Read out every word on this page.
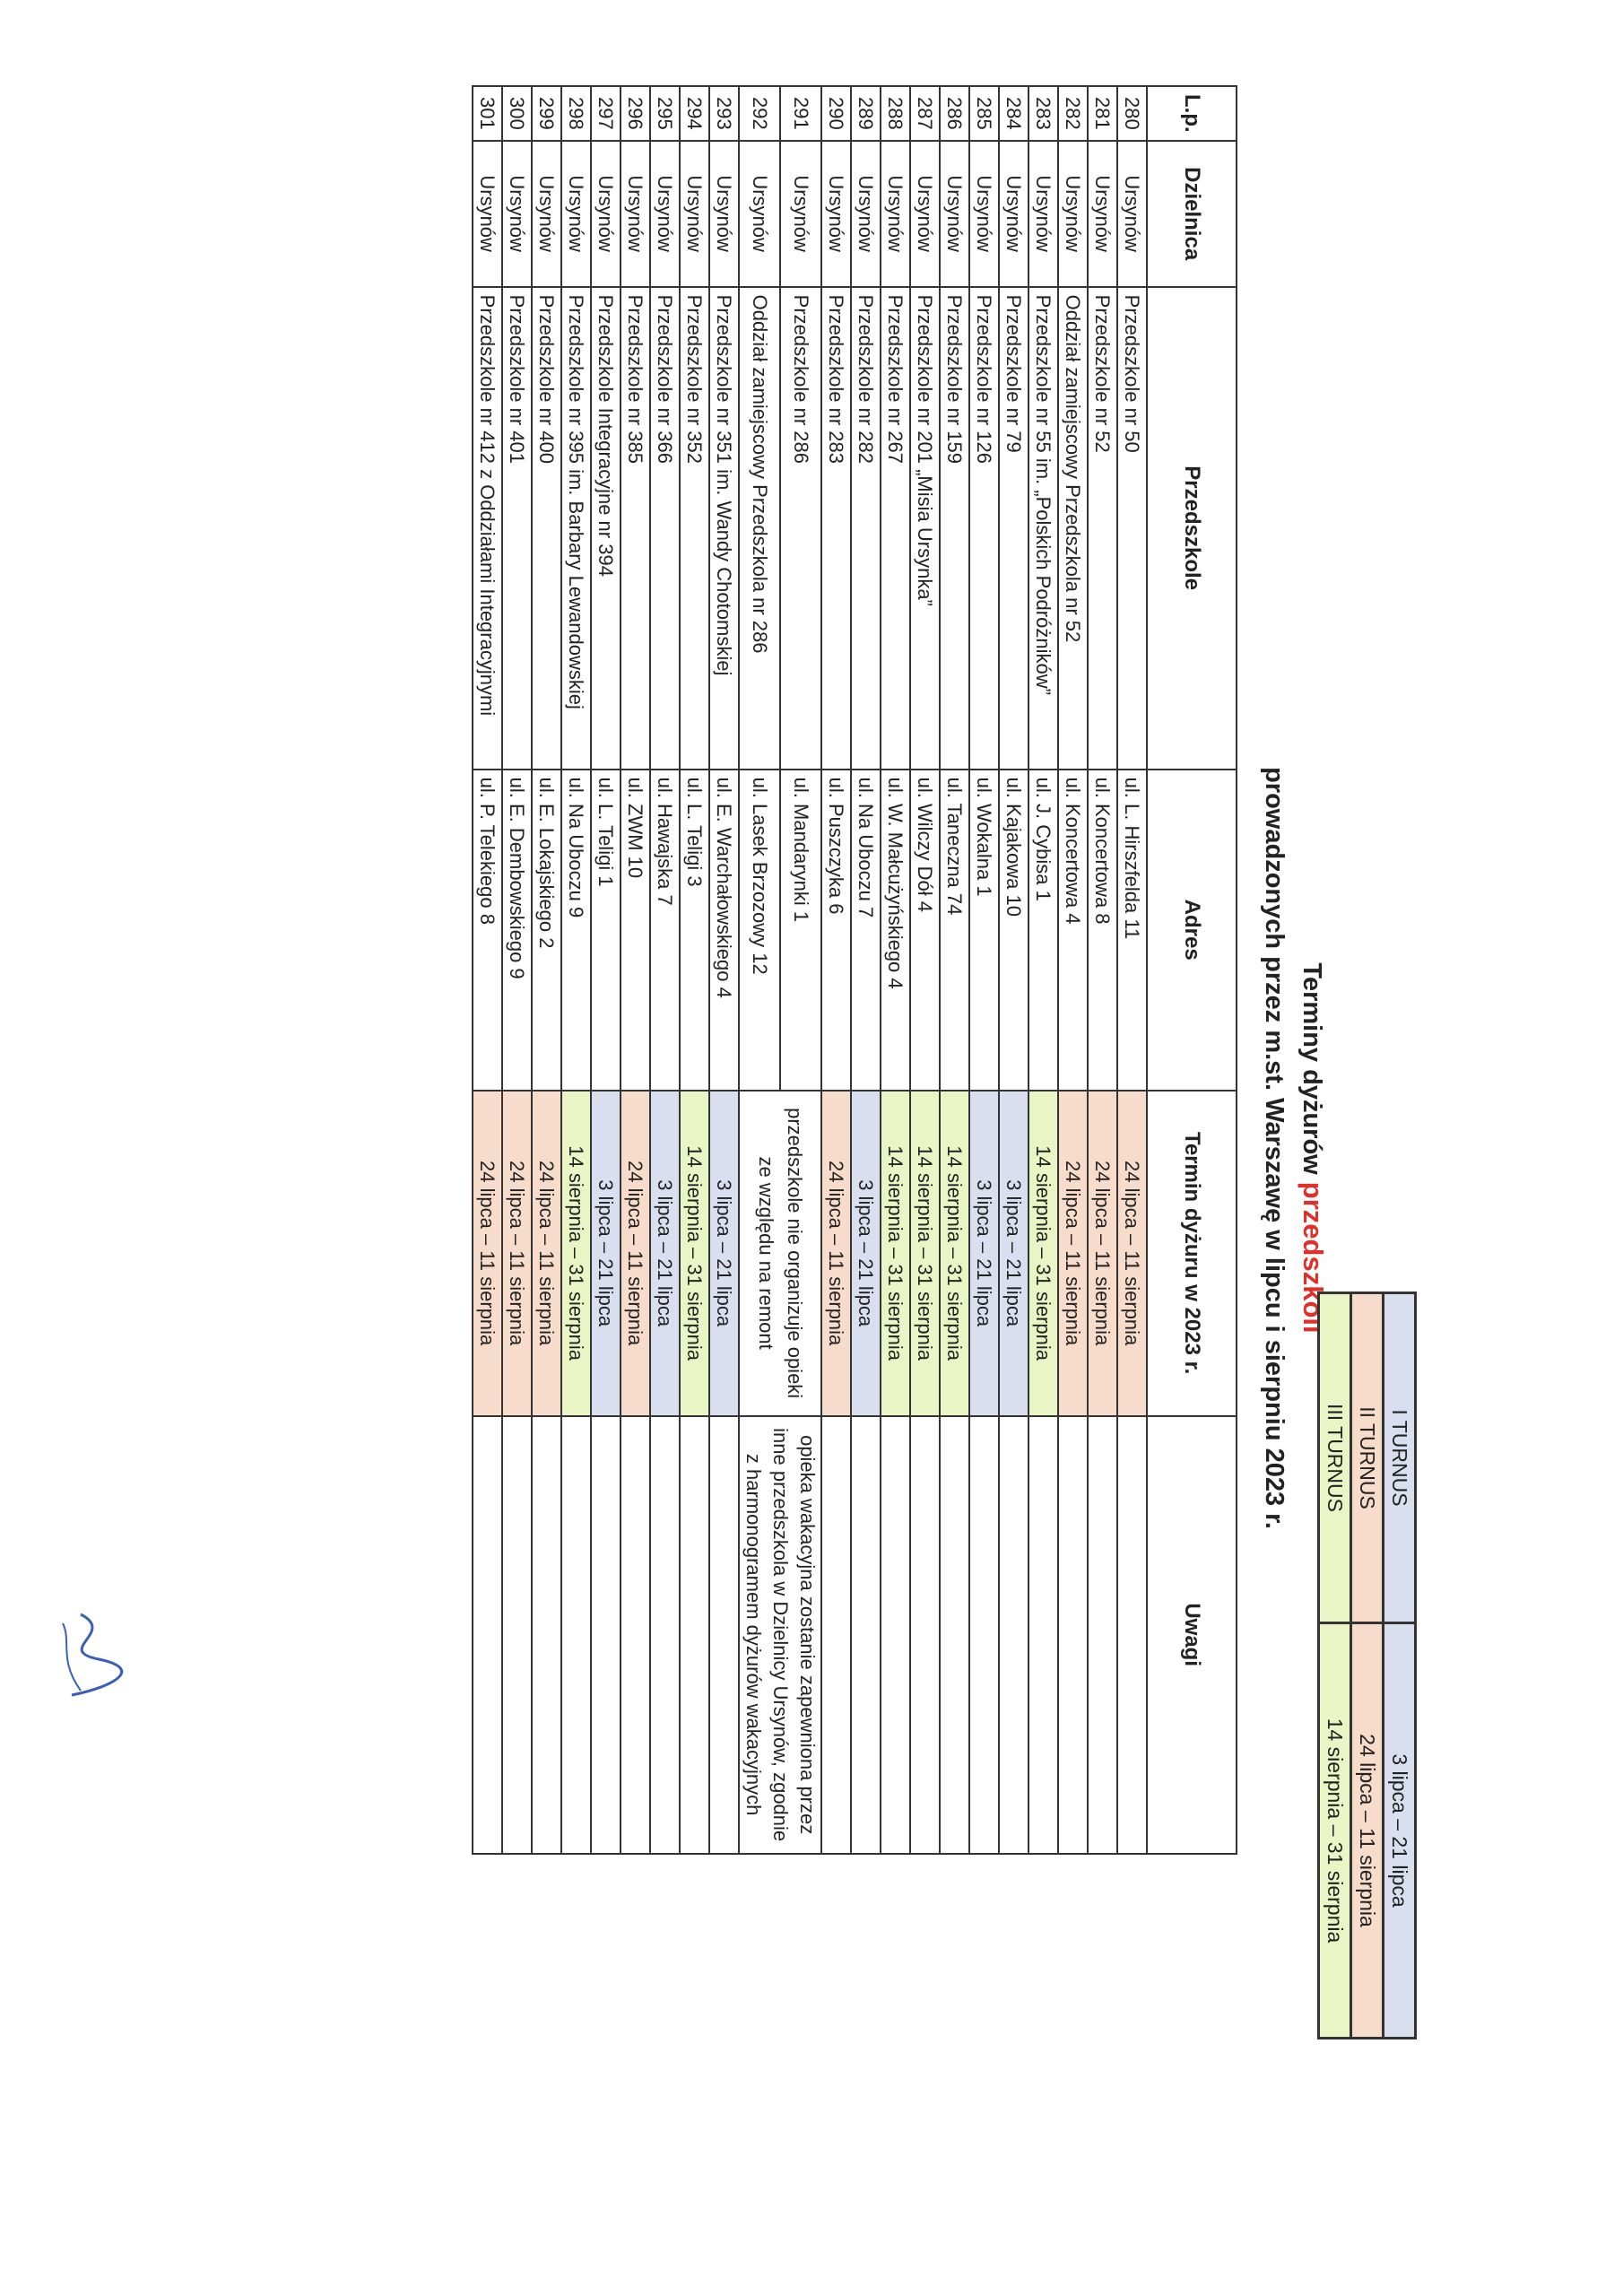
Terminy dyżurów przedszkoli
prowadzonych przez m.st. Warszawę w lipcu i sierpniu 2023 r.	I TURNUS	3 lipca – 21 lipca
II TURNUS	24 lipca – 11 sierpnia
III TURNUS	14 sierpnia – 31 sierpnia
L.p.	Dzielnica	Przedszkole	Adres	Termin dyżuru w 2023 r.	Uwagi
280	Ursynów	Przedszkole nr 50	ul. L. Hirszfelda 11	24 lipca – 11 sierpnia	
281	Ursynów	Przedszkole nr 52	ul. Koncertowa 8	24 lipca – 11 sierpnia	
282	Ursynów	Oddział zamiejscowy Przedszkola nr 52	ul. Koncertowa 4	24 lipca – 11 sierpnia	
283	Ursynów	Przedszkole nr 55 im. „Polskich Podróżników”	ul. J. Cybisa 1	14 sierpnia – 31 sierpnia	
284	Ursynów	Przedszkole nr 79	ul. Kajakowa 10	3 lipca – 21 lipca	
285	Ursynów	Przedszkole nr 126	ul. Wokalna 1	3 lipca – 21 lipca	
286	Ursynów	Przedszkole nr 159	ul. Taneczna 74	14 sierpnia – 31 sierpnia	
287	Ursynów	Przedszkole nr 201 „Misia Ursynka”	ul. Wilczy Dół 4	14 sierpnia – 31 sierpnia	
288	Ursynów	Przedszkole nr 267	ul. W. Małcużyńskiego 4	14 sierpnia – 31 sierpnia	
289	Ursynów	Przedszkole nr 282	ul. Na Uboczu 7	3 lipca – 21 lipca	
290	Ursynów	Przedszkole nr 283	ul. Puszczyka 6	24 lipca – 11 sierpnia	
291	Ursynów	Przedszkole nr 286	ul. Mandarynki 1	przedszkole nie organizuje opieki ze względu na remont	opieka wakacyjna zostanie zapewniona przez inne przedszkola w Dzielnicy Ursynów, zgodnie z harmonogramem dyżurów wakacyjnych
292	Ursynów	Oddział zamiejscowy Przedszkola nr 286	ul. Lasek Brzozowy 12		
293	Ursynów	Przedszkole nr 351 im. Wandy Chotomskiej	ul. E. Warchałowskiego 4	3 lipca – 21 lipca	
294	Ursynów	Przedszkole nr 352	ul. L. Teligi 3	14 sierpnia – 31 sierpnia	
295	Ursynów	Przedszkole nr 366	ul. Hawajska 7	3 lipca – 21 lipca	
296	Ursynów	Przedszkole nr 385	ul. ZWM 10	24 lipca – 11 sierpnia	
297	Ursynów	Przedszkole Integracyjne nr 394	ul. L. Teligi 1	3 lipca – 21 lipca	
298	Ursynów	Przedszkole nr 395 im. Barbary Lewandowskiej	ul. Na Uboczu 9	14 sierpnia – 31 sierpnia	
299	Ursynów	Przedszkole nr 400	ul. E. Lokajskiego 2	24 lipca – 11 sierpnia	
300	Ursynów	Przedszkole nr 401	ul. E. Dembowskiego 9	24 lipca – 11 sierpnia	
301	Ursynów	Przedszkole nr 412 z Oddziałami Integracyjnymi	ul. P. Telekiego 8	24 lipca – 11 sierpnia	
